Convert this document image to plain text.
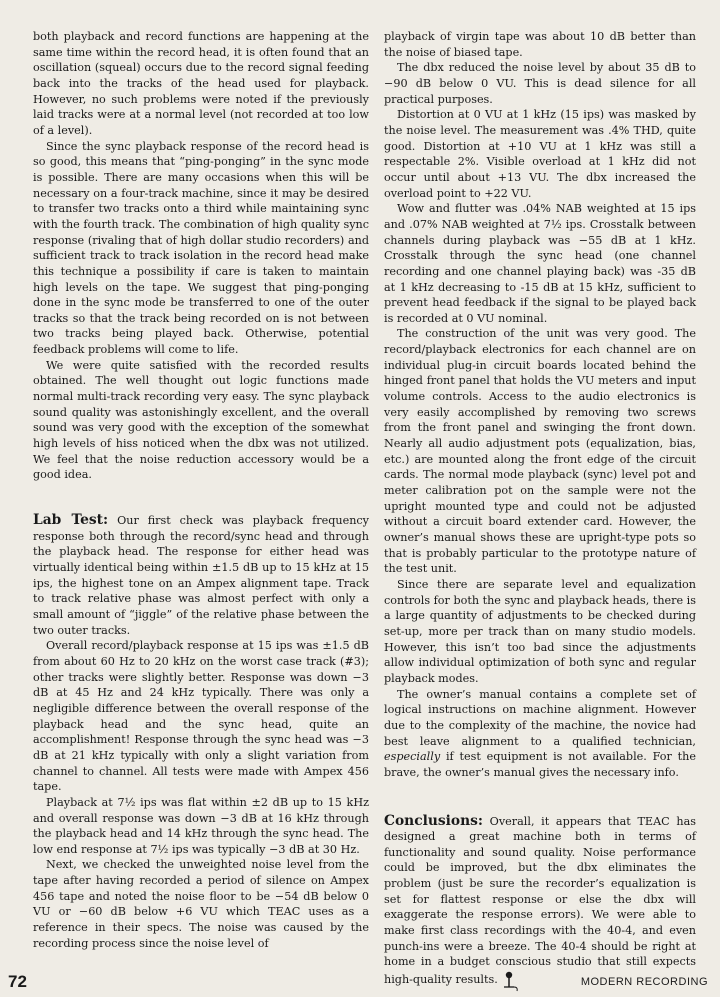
both playback and record functions are happening at the same time within the record head, it is often found that an oscillation (squeal) occurs due to the record signal feeding back into the tracks of the head used for playback. However, no such problems were noted if the previously laid tracks were at a normal level (not recorded at too low of a level).

Since the sync playback response of the record head is so good, this means that “ping-ponging” in the sync mode is possible. There are many occasions when this will be necessary on a four-track machine, since it may be desired to transfer two tracks onto a third while maintaining sync with the fourth track. The combination of high quality sync response (rivaling that of high dollar studio recorders) and sufficient track to track isolation in the record head make this technique a possibility if care is taken to maintain high levels on the tape. We suggest that ping-ponging done in the sync mode be transferred to one of the outer tracks so that the track being recorded on is not between two tracks being played back. Otherwise, potential feedback problems will come to life.

We were quite satisfied with the recorded results obtained. The well thought out logic functions made normal multi-track recording very easy. The sync playback sound quality was astonishingly excellent, and the overall sound was very good with the exception of the somewhat high levels of hiss noticed when the dbx was not utilized. We feel that the noise reduction accessory would be a good idea.

Lab Test: Our first check was playback frequency response both through the record/sync head and through the playback head. The response for either head was virtually identical being within ±1.5 dB up to 15 kHz at 15 ips, the highest tone on an Ampex alignment tape. Track to track relative phase was almost perfect with only a small amount of “jiggle” of the relative phase between the two outer tracks.

Overall record/playback response at 15 ips was ±1.5 dB from about 60 Hz to 20 kHz on the worst case track (#3); other tracks were slightly better. Response was down −3 dB at 45 Hz and 24 kHz typically. There was only a negligible difference between the overall response of the playback head and the sync head, quite an accomplishment! Response through the sync head was −3 dB at 21 kHz typically with only a slight variation from channel to channel. All tests were made with Ampex 456 tape.

Playback at 7½ ips was flat within ±2 dB up to 15 kHz and overall response was down −3 dB at 16 kHz through the playback head and 14 kHz through the sync head. The low end response at 7½ ips was typically −3 dB at 30 Hz.

Next, we checked the unweighted noise level from the tape after having recorded a period of silence on Ampex 456 tape and noted the noise floor to be −54 dB below 0 VU or −60 dB below +6 VU which TEAC uses as a reference in their specs. The noise was caused by the recording process since the noise level of

playback of virgin tape was about 10 dB better than the noise of biased tape.

The dbx reduced the noise level by about 35 dB to −90 dB below 0 VU. This is dead silence for all practical purposes.

Distortion at 0 VU at 1 kHz (15 ips) was masked by the noise level. The measurement was .4% THD, quite good. Distortion at +10 VU at 1 kHz was still a respectable 2%. Visible overload at 1 kHz did not occur until about +13 VU. The dbx increased the overload point to +22 VU.

Wow and flutter was .04% NAB weighted at 15 ips and .07% NAB weighted at 7½ ips. Crosstalk between channels during playback was −55 dB at 1 kHz. Crosstalk through the sync head (one channel recording and one channel playing back) was -35 dB at 1 kHz decreasing to -15 dB at 15 kHz, sufficient to prevent head feedback if the signal to be played back is recorded at 0 VU nominal.

The construction of the unit was very good. The record/playback electronics for each channel are on individual plug-in circuit boards located behind the hinged front panel that holds the VU meters and input volume controls. Access to the audio electronics is very easily accomplished by removing two screws from the front panel and swinging the front down. Nearly all audio adjustment pots (equalization, bias, etc.) are mounted along the front edge of the circuit cards. The normal mode playback (sync) level pot and meter calibration pot on the sample were not the upright mounted type and could not be adjusted without a circuit board extender card. However, the owner’s manual shows these are upright-type pots so that is probably particular to the prototype nature of the test unit.

Since there are separate level and equalization controls for both the sync and playback heads, there is a large quantity of adjustments to be checked during set-up, more per track than on many studio models. However, this isn’t too bad since the adjustments allow individual optimization of both sync and regular playback modes.

The owner’s manual contains a complete set of logical instructions on machine alignment. However due to the complexity of the machine, the novice had best leave alignment to a qualified technician, especially if test equipment is not available. For the brave, the owner’s manual gives the necessary info.

Conclusions: Overall, it appears that TEAC has designed a great machine both in terms of functionality and sound quality. Noise performance could be improved, but the dbx eliminates the problem (just be sure the recorder’s equalization is set for flattest response or else the dbx will exaggerate the response errors). We were able to make first class recordings with the 40-4, and even punch-ins were a breeze. The 40-4 should be right at home in a budget conscious studio that still expects high-quality results.

72	MODERN RECORDING
